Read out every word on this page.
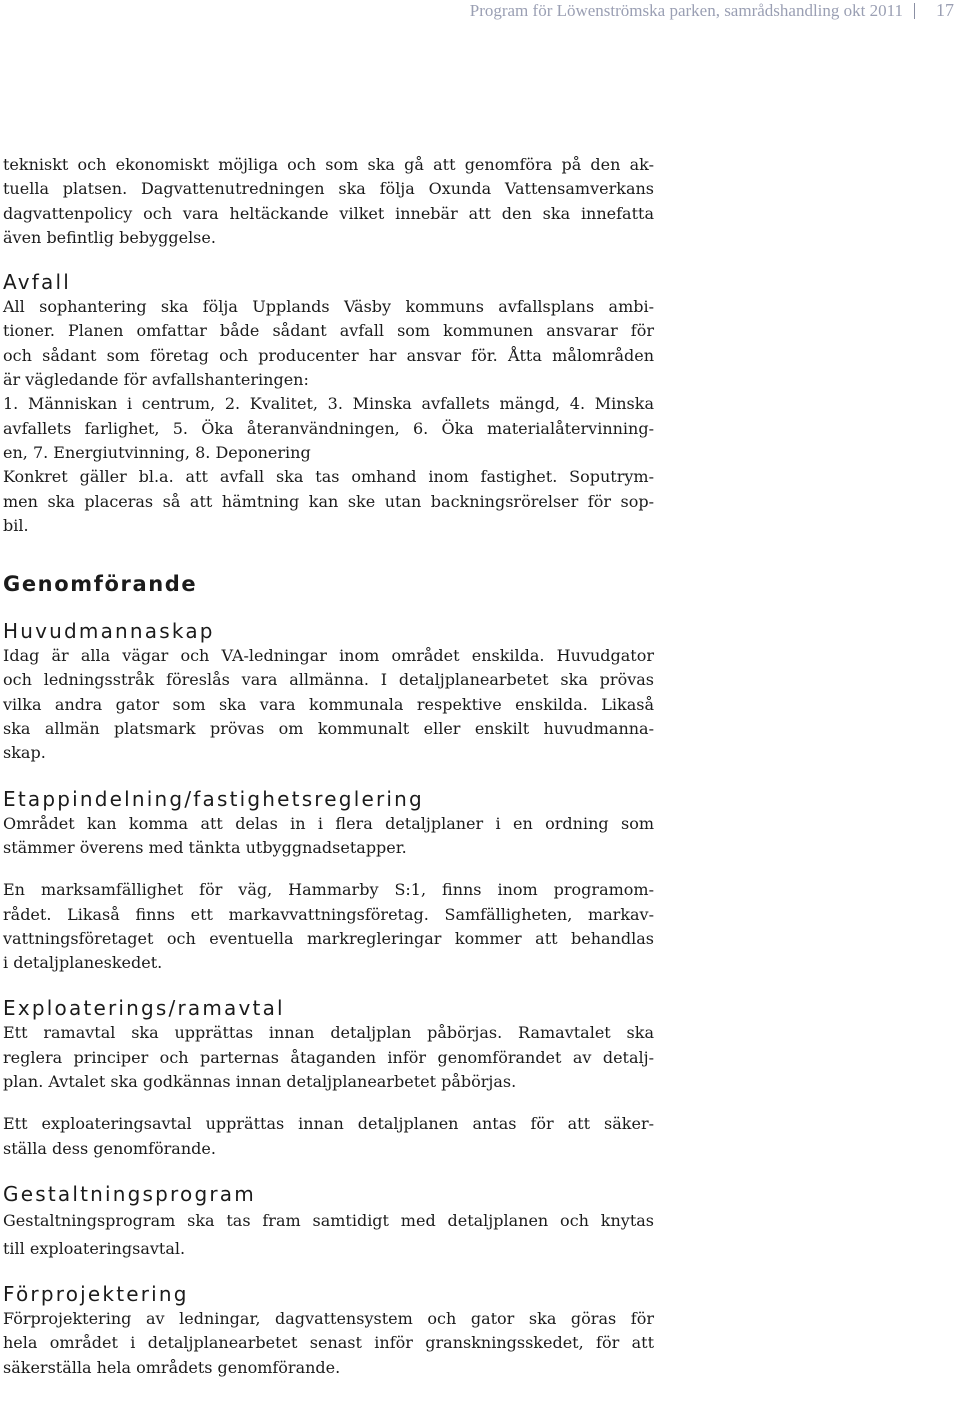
Program för Löwenströmska parken, samrådshandling okt 2011 17
tekniskt och ekonomiskt möjliga och som ska gå att genomföra på den ak-
tuella platsen. Dagvattenutredningen ska följa Oxunda Vattensamverkans
dagvattenpolicy och vara heltäckande vilket innebär att den ska innefatta
även befintlig bebyggelse.
Avfall
All sophantering ska följa Upplands Väsby kommuns avfallsplans ambi-
tioner. Planen omfattar både sådant avfall som kommunen ansvarar för
och sådant som företag och producenter har ansvar för. Åtta målområden
är vägledande för avfallshanteringen:
1. Människan i centrum, 2. Kvalitet, 3. Minska avfallets mängd, 4. Minska
avfallets farlighet, 5. Öka återanvändningen, 6. Öka materialåtervinning-
en, 7. Energiutvinning, 8. Deponering
Konkret gäller bl.a. att avfall ska tas omhand inom fastighet. Soputrym-
men ska placeras så att hämtning kan ske utan backningsrörelser för sop-
bil.
Genomförande
Huvudmannaskap
Idag är alla vägar och VA-ledningar inom området enskilda. Huvudgator
och ledningsstråk föreslås vara allmänna. I detaljplanearbetet ska prövas
vilka andra gator som ska vara kommunala respektive enskilda. Likaså
ska allmän platsmark prövas om kommunalt eller enskilt huvudmanna-
skap.
Etappindelning/fastighetsreglering
Området kan komma att delas in i flera detaljplaner i en ordning som
stämmer överens med tänkta utbyggnadsetapper.
En marksamfällighet för väg, Hammarby S:1, finns inom programom-
rådet. Likaså finns ett markavvattningsföretag. Samfälligheten, markav-
vattningsföretaget och eventuella markregleringar kommer att behandlas
i detaljplaneskedet.
Exploaterings/ramavtal
Ett ramavtal ska upprättas innan detaljplan påbörjas. Ramavtalet ska
reglera principer och parternas åtaganden inför genomförandet av detalj-
plan. Avtalet ska godkännas innan detaljplanearbetet påbörjas.
Ett exploateringsavtal upprättas innan detaljplanen antas för att säker-
ställa dess genomförande.
Gestaltningsprogram
Gestaltningsprogram ska tas fram samtidigt med detaljplanen och knytas
till exploateringsavtal.
Förprojektering
Förprojektering av ledningar, dagvattensystem och gator ska göras för
hela området i detaljplanearbetet senast inför granskningsskedet, för att
säkerställa hela områdets genomförande.
